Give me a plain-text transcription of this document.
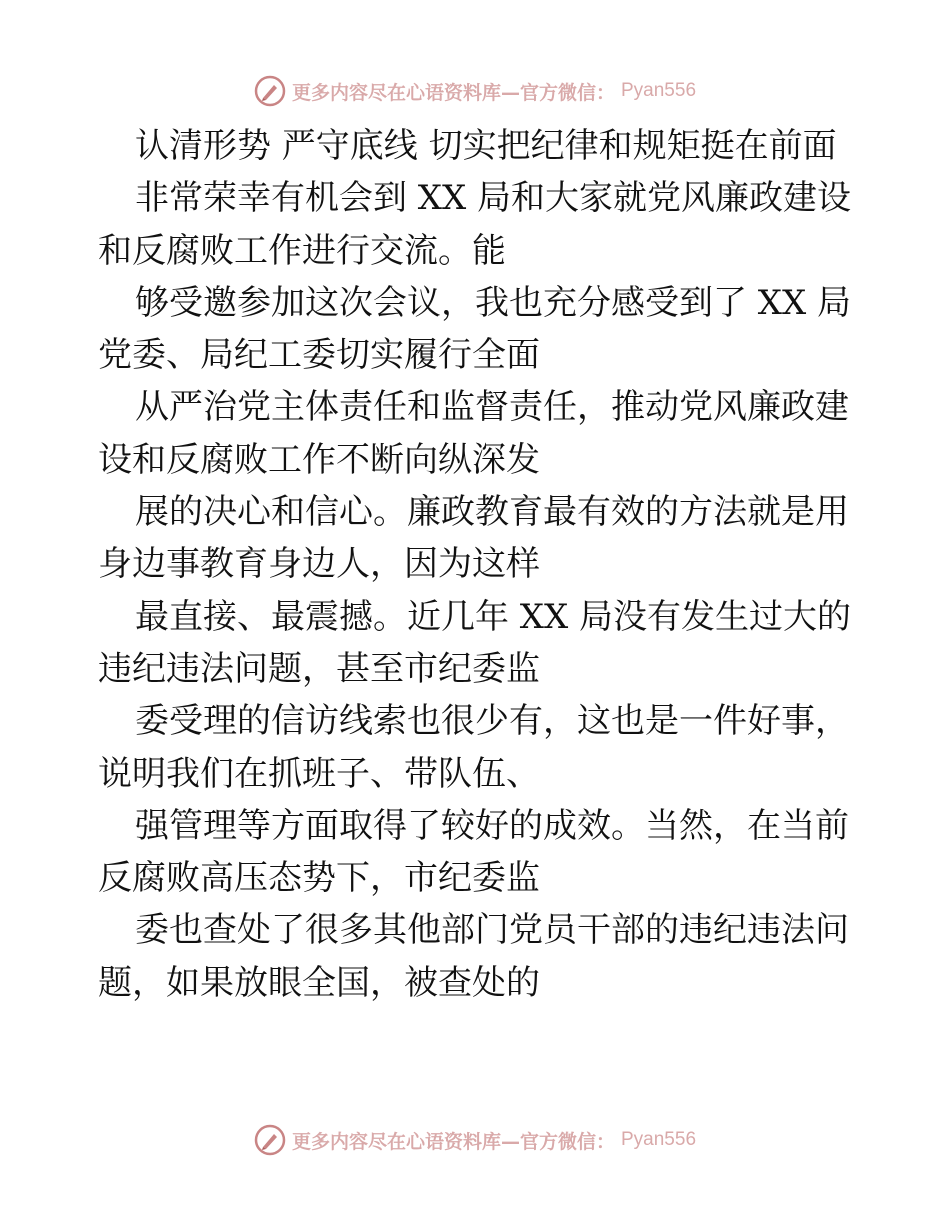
更多内容尽在心语资料库—官方微信： Pyan556
认清形势 严守底线 切实把纪律和规矩挺在前面
非常荣幸有机会到 XX 局和大家就党风廉政建设
和反腐败工作进行交流。能
够受邀参加这次会议，我也充分感受到了 XX 局
党委、局纪工委切实履行全面
从严治党主体责任和监督责任，推动党风廉政建
设和反腐败工作不断向纵深发
展的决心和信心。廉政教育最有效的方法就是用
身边事教育身边人，因为这样
最直接、最震撼。近几年 XX 局没有发生过大的
违纪违法问题，甚至市纪委监
委受理的信访线索也很少有，这也是一件好事，
说明我们在抓班子、带队伍、
强管理等方面取得了较好的成效。当然，在当前
反腐败高压态势下，市纪委监
委也查处了很多其他部门党员干部的违纪违法问
题，如果放眼全国，被查处的
更多内容尽在心语资料库—官方微信： Pyan556
